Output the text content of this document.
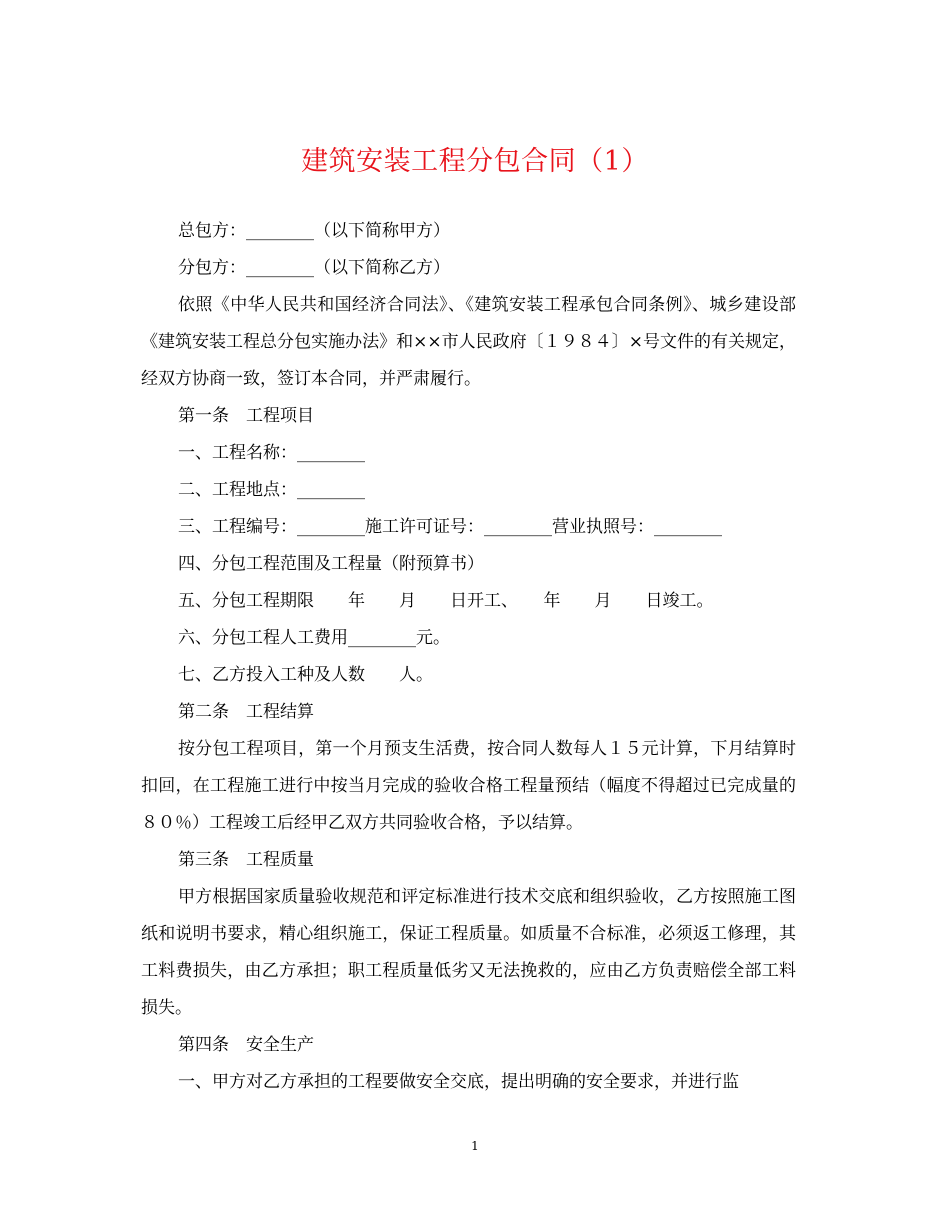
建筑安装工程分包合同（1）

总包方：________（以下简称甲方）

分包方：________（以下简称乙方）

依照《中华人民共和国经济合同法》、《建筑安装工程承包合同条例》、城乡建设部《建筑安装工程总分包实施办法》和××市人民政府〔１９８４〕×号文件的有关规定，经双方协商一致，签订本合同，并严肃履行。

第一条　工程项目

一、工程名称：________

二、工程地点：________

三、工程编号：________施工许可证号：________营业执照号：________

四、分包工程范围及工程量（附预算书）

五、分包工程期限　　年　　月　　日开工、　　年　　月　　日竣工。

六、分包工程人工费用________元。

七、乙方投入工种及人数　　人。

第二条　工程结算

按分包工程项目，第一个月预支生活费，按合同人数每人１５元计算，下月结算时扣回，在工程施工进行中按当月完成的验收合格工程量预结（幅度不得超过已完成量的８０％）工程竣工后经甲乙双方共同验收合格，予以结算。

第三条　工程质量

甲方根据国家质量验收规范和评定标准进行技术交底和组织验收，乙方按照施工图纸和说明书要求，精心组织施工，保证工程质量。如质量不合标准，必须返工修理，其工料费损失，由乙方承担；职工程质量低劣又无法挽救的，应由乙方负责赔偿全部工料损失。

第四条　安全生产

一、甲方对乙方承担的工程要做安全交底，提出明确的安全要求，并进行监

1
